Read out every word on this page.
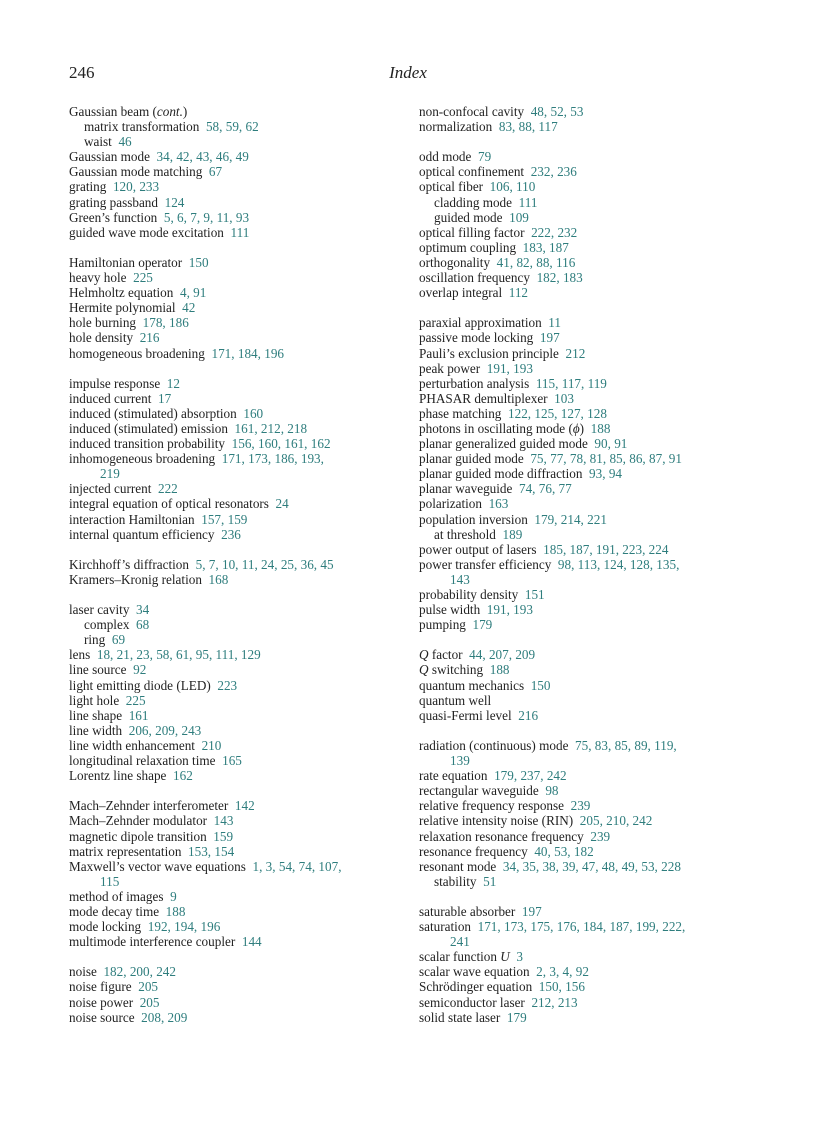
246	Index
Gaussian beam (cont.)
matrix transformation  58, 59, 62
waist  46
Gaussian mode  34, 42, 43, 46, 49
Gaussian mode matching  67
grating  120, 233
grating passband  124
Green’s function  5, 6, 7, 9, 11, 93
guided wave mode excitation  111
Hamiltonian operator  150
heavy hole  225
Helmholtz equation  4, 91
Hermite polynomial  42
hole burning  178, 186
hole density  216
homogeneous broadening  171, 184, 196
impulse response  12
induced current  17
induced (stimulated) absorption  160
induced (stimulated) emission  161, 212, 218
induced transition probability  156, 160, 161, 162
inhomogeneous broadening  171, 173, 186, 193,
219
injected current  222
integral equation of optical resonators  24
interaction Hamiltonian  157, 159
internal quantum efficiency  236
Kirchhoff’s diffraction  5, 7, 10, 11, 24, 25, 36, 45
Kramers–Kronig relation  168
laser cavity  34
complex  68
ring  69
lens  18, 21, 23, 58, 61, 95, 111, 129
line source  92
light emitting diode (LED)  223
light hole  225
line shape  161
line width  206, 209, 243
line width enhancement  210
longitudinal relaxation time  165
Lorentz line shape  162
Mach–Zehnder interferometer  142
Mach–Zehnder modulator  143
magnetic dipole transition  159
matrix representation  153, 154
Maxwell’s vector wave equations  1, 3, 54, 74, 107,
115
method of images  9
mode decay time  188
mode locking  192, 194, 196
multimode interference coupler  144
noise  182, 200, 242
noise figure  205
noise power  205
noise source  208, 209
non-confocal cavity  48, 52, 53
normalization  83, 88, 117
odd mode  79
optical confinement  232, 236
optical fiber  106, 110
cladding mode  111
guided mode  109
optical filling factor  222, 232
optimum coupling  183, 187
orthogonality  41, 82, 88, 116
oscillation frequency  182, 183
overlap integral  112
paraxial approximation  11
passive mode locking  197
Pauli’s exclusion principle  212
peak power  191, 193
perturbation analysis  115, 117, 119
PHASAR demultiplexer  103
phase matching  122, 125, 127, 128
photons in oscillating mode (ϕ)  188
planar generalized guided mode  90, 91
planar guided mode  75, 77, 78, 81, 85, 86, 87, 91
planar guided mode diffraction  93, 94
planar waveguide  74, 76, 77
polarization  163
population inversion  179, 214, 221
at threshold  189
power output of lasers  185, 187, 191, 223, 224
power transfer efficiency  98, 113, 124, 128, 135,
143
probability density  151
pulse width  191, 193
pumping  179
Q factor  44, 207, 209
Q switching  188
quantum mechanics  150
quantum well
quasi-Fermi level  216
radiation (continuous) mode  75, 83, 85, 89, 119,
139
rate equation  179, 237, 242
rectangular waveguide  98
relative frequency response  239
relative intensity noise (RIN)  205, 210, 242
relaxation resonance frequency  239
resonance frequency  40, 53, 182
resonant mode  34, 35, 38, 39, 47, 48, 49, 53, 228
stability  51
saturable absorber  197
saturation  171, 173, 175, 176, 184, 187, 199, 222,
241
scalar function U  3
scalar wave equation  2, 3, 4, 92
Schrödinger equation  150, 156
semiconductor laser  212, 213
solid state laser  179
